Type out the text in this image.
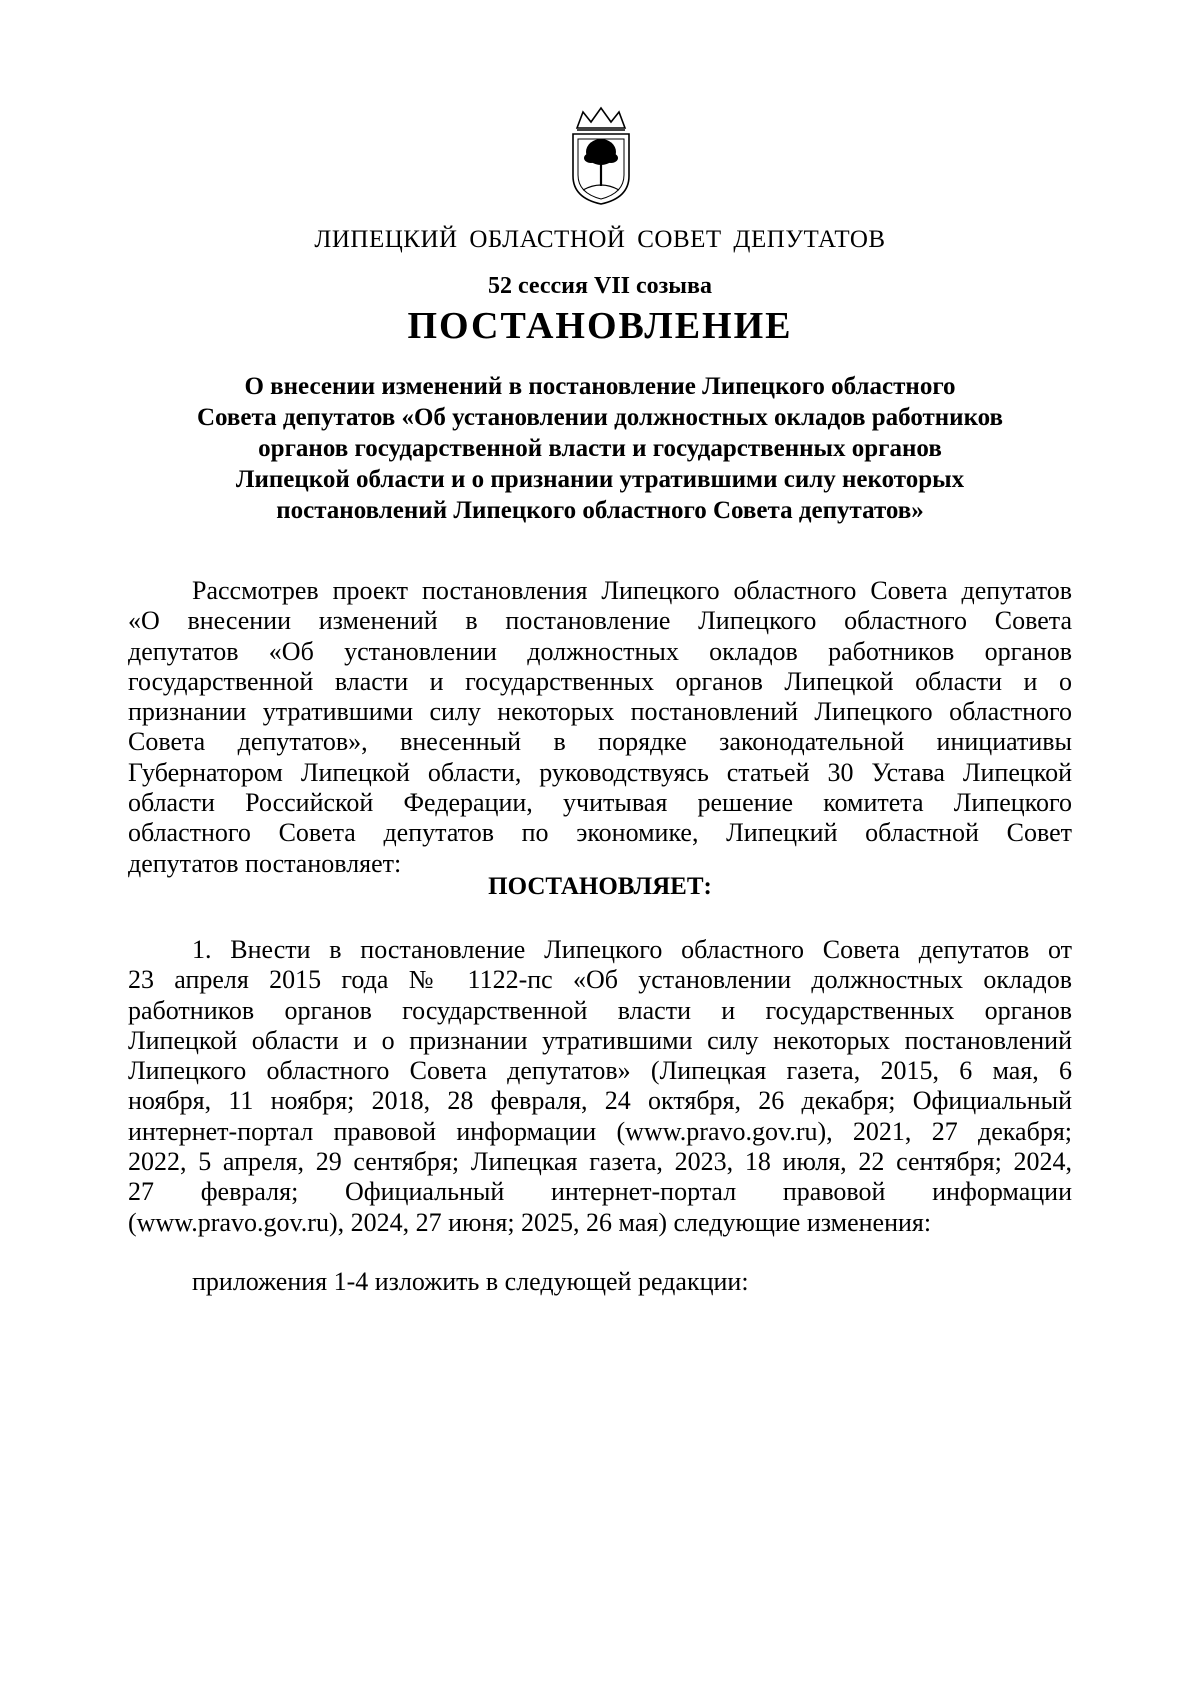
ЛИПЕЦКИЙ ОБЛАСТНОЙ СОВЕТ ДЕПУТАТОВ
52 сессия VII созыва
ПОСТАНОВЛЕНИЕ
О внесении изменений в постановление Липецкого областного
Совета депутатов «Об установлении должностных окладов работников
органов государственной власти и государственных органов
Липецкой области и о признании утратившими силу некоторых
постановлений Липецкого областного Совета депутатов»
Рассмотрев проект постановления Липецкого областного Совета депутатов
«О внесении изменений в постановление Липецкого областного Совета
депутатов «Об установлении должностных окладов работников органов
государственной власти и государственных органов Липецкой области и о
признании утратившими силу некоторых постановлений Липецкого областного
Совета депутатов», внесенный в порядке законодательной инициативы
Губернатором Липецкой области, руководствуясь статьей 30 Устава Липецкой
области Российской Федерации, учитывая решение комитета Липецкого
областного Совета депутатов по экономике, Липецкий областной Совет
депутатов постановляет:
ПОСТАНОВЛЯЕТ:
1. Внести в постановление Липецкого областного Совета депутатов от
23 апреля 2015 года № 1122-пс «Об установлении должностных окладов
работников органов государственной власти и государственных органов
Липецкой области и о признании утратившими силу некоторых постановлений
Липецкого областного Совета депутатов» (Липецкая газета, 2015, 6 мая, 6
ноября, 11 ноября; 2018, 28 февраля, 24 октября, 26 декабря; Официальный
интернет-портал правовой информации (www.pravo.gov.ru), 2021, 27 декабря;
2022, 5 апреля, 29 сентября; Липецкая газета, 2023, 18 июля, 22 сентября; 2024,
27 февраля; Официальный интернет-портал правовой информации
(www.pravo.gov.ru), 2024, 27 июня; 2025, 26 мая) следующие изменения:
приложения 1-4 изложить в следующей редакции:
